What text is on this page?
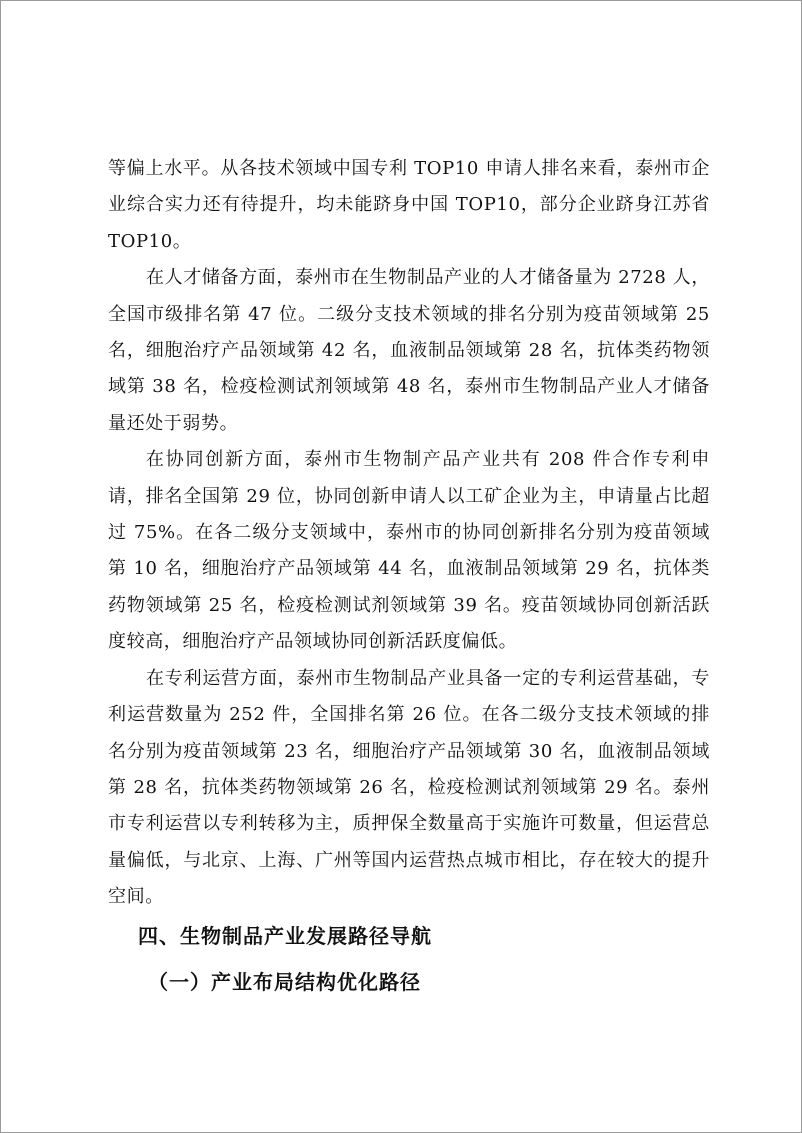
等偏上水平。从各技术领域中国专利 TOP10 申请人排名来看，泰州市企业综合实力还有待提升，均未能跻身中国 TOP10，部分企业跻身江苏省 TOP10。

在人才储备方面，泰州市在生物制品产业的人才储备量为 2728 人，全国市级排名第 47 位。二级分支技术领域的排名分别为疫苗领域第 25 名，细胞治疗产品领域第 42 名，血液制品领域第 28 名，抗体类药物领域第 38 名，检疫检测试剂领域第 48 名，泰州市生物制品产业人才储备量还处于弱势。

在协同创新方面，泰州市生物制产品产业共有 208 件合作专利申请，排名全国第 29 位，协同创新申请人以工矿企业为主，申请量占比超过 75%。在各二级分支领域中，泰州市的协同创新排名分别为疫苗领域第 10 名，细胞治疗产品领域第 44 名，血液制品领域第 29 名，抗体类药物领域第 25 名，检疫检测试剂领域第 39 名。疫苗领域协同创新活跃度较高，细胞治疗产品领域协同创新活跃度偏低。

在专利运营方面，泰州市生物制品产业具备一定的专利运营基础，专利运营数量为 252 件，全国排名第 26 位。在各二级分支技术领域的排名分别为疫苗领域第 23 名，细胞治疗产品领域第 30 名，血液制品领域第 28 名，抗体类药物领域第 26 名，检疫检测试剂领域第 29 名。泰州市专利运营以专利转移为主，质押保全数量高于实施许可数量，但运营总量偏低，与北京、上海、广州等国内运营热点城市相比，存在较大的提升空间。

四、生物制品产业发展路径导航
（一）产业布局结构优化路径
